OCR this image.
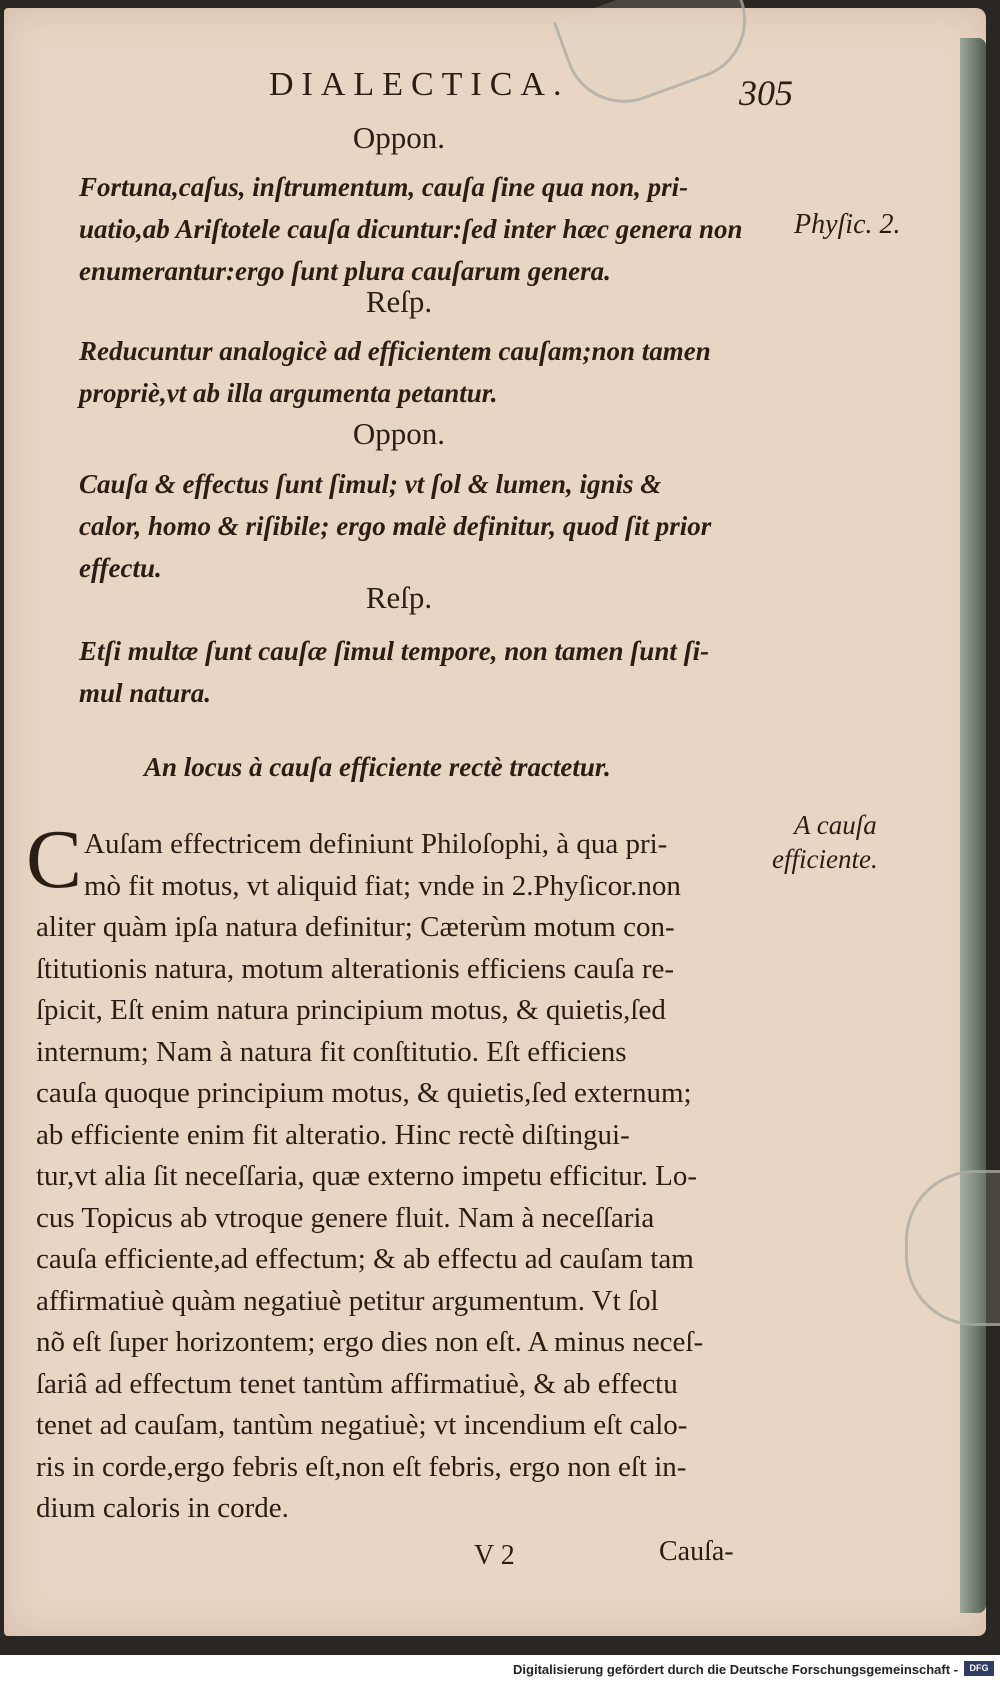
DIALECTICA.	305
Oppon.
Fortuna,caſus, inſtrumentum, cauſa ſine qua non, pri-
uatio,ab Ariſtotele cauſa dicuntur:ſed inter hæc genera non
enumerantur:ergo ſunt plura cauſarum genera.
Reſp.
Reducuntur analogicè ad efficientem cauſam;non tamen
propriè,vt ab illa argumenta petantur.
Oppon.
Cauſa & effectus ſunt ſimul; vt ſol & lumen, ignis &
calor, homo & riſibile; ergo malè definitur, quod ſit prior
effectu.
Reſp.
Etſi multæ ſunt cauſæ ſimul tempore, non tamen ſunt ſi-
mul natura.
An locus à cauſa efficiente rectè tractetur.
Phyſic. 2.
A cauſa
efficiente.
C Auſam effectricem definiunt Philoſophi, à qua pri-
mò fit motus, vt aliquid fiat; vnde in 2.Phyſicor.non
aliter quàm ipſa natura definitur; Cæterùm motum con-
ſtitutionis natura, motum alterationis efficiens cauſa re-
ſpicit, Eſt enim natura principium motus, & quietis,ſed
internum; Nam à natura fit conſtitutio. Eſt efficiens
cauſa quoque principium motus, & quietis,ſed externum;
ab efficiente enim fit alteratio. Hinc rectè diſtingui-
tur,vt alia ſit neceſſaria, quæ externo impetu efficitur. Lo-
cus Topicus ab vtroque genere fluit. Nam à neceſſaria
cauſa efficiente,ad effectum; & ab effectu ad cauſam tam
affirmatiuè quàm negatiuè petitur argumentum. Vt ſol
nõ eſt ſuper horizontem; ergo dies non eſt. A minus neceſ-
ſariâ ad effectum tenet tantùm affirmatiuè, & ab effectu
tenet ad cauſam, tantùm negatiuè; vt incendium eſt calo-
ris in corde,ergo febris eſt,non eſt febris, ergo non eſt in-
dium caloris in corde.
V 2	Cauſa-
Digitalisierung gefördert durch die Deutsche Forschungsgemeinschaft -	DFG
